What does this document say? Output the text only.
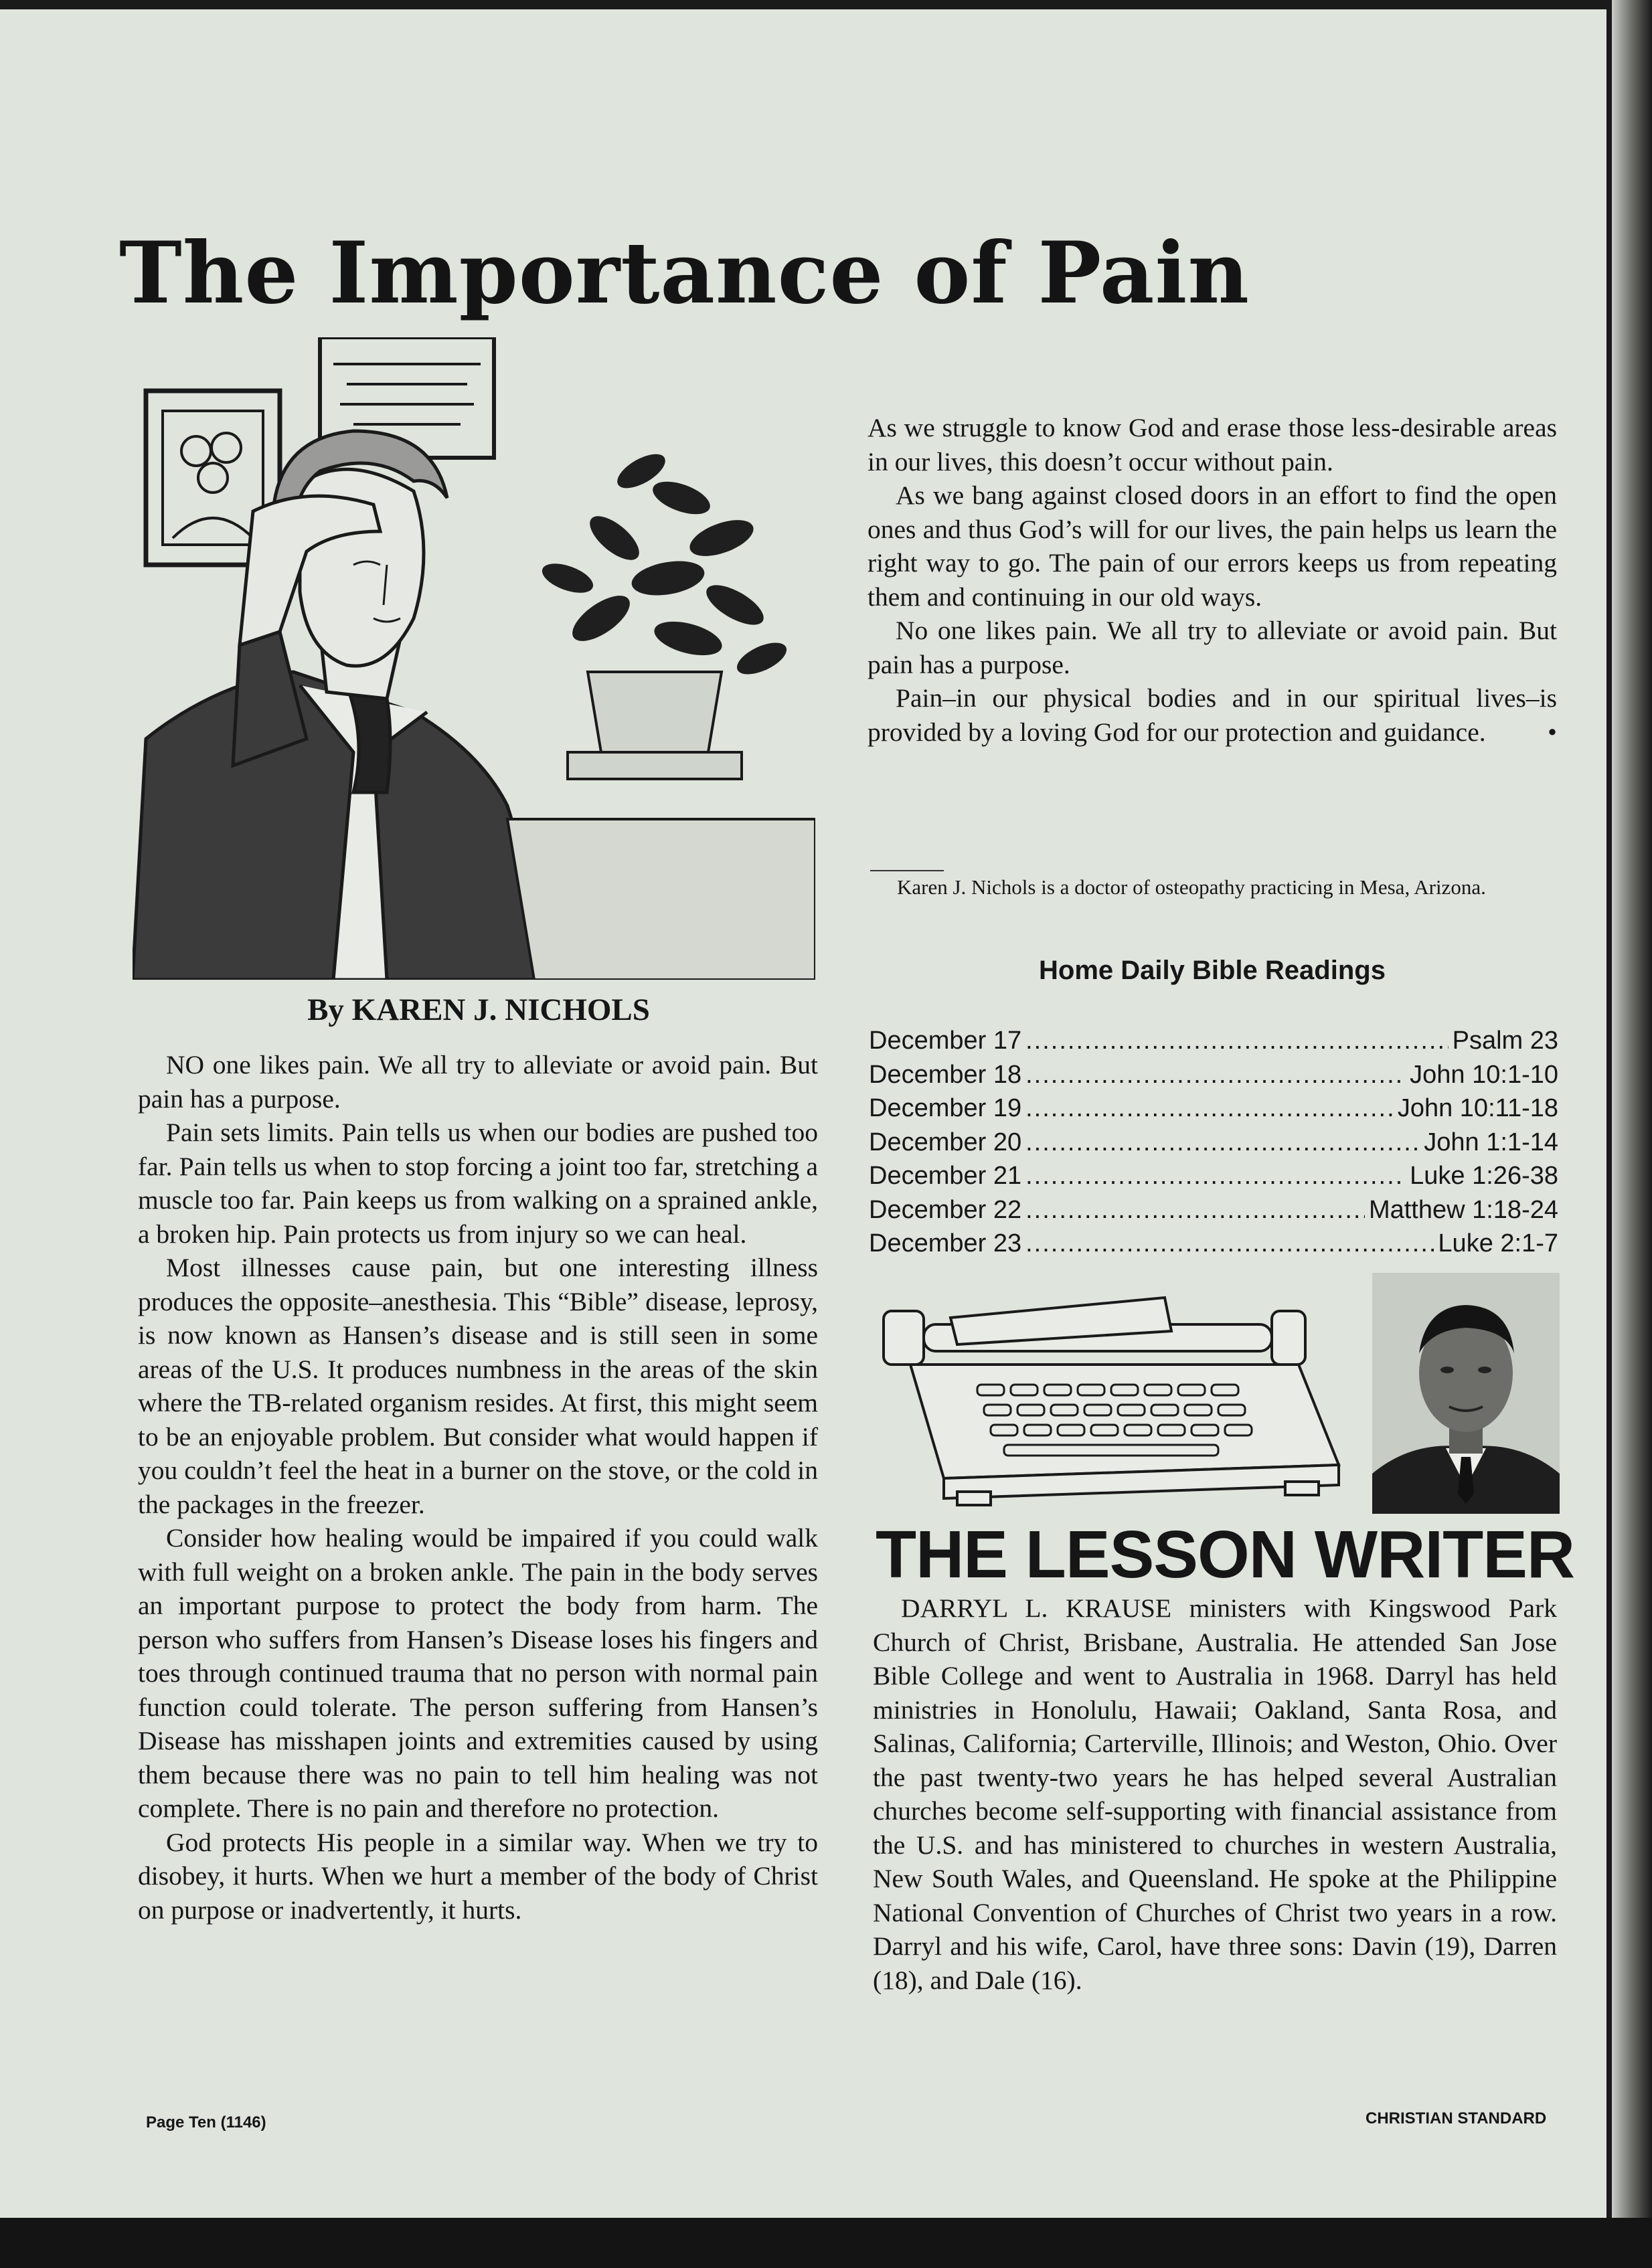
The Importance of Pain
By KAREN J. NICHOLS

NO one likes pain. We all try to alleviate or avoid pain. But pain has a purpose.

Pain sets limits. Pain tells us when our bodies are pushed too far. Pain tells us when to stop forcing a joint too far, stretching a muscle too far. Pain keeps us from walking on a sprained ankle, a broken hip. Pain protects us from injury so we can heal.

Most illnesses cause pain, but one interesting illness produces the opposite–anesthesia. This “Bible” disease, leprosy, is now known as Hansen’s disease and is still seen in some areas of the U.S. It produces numbness in the areas of the skin where the TB-related organism resides. At first, this might seem to be an enjoyable problem. But consider what would happen if you couldn’t feel the heat in a burner on the stove, or the cold in the packages in the freezer.

Consider how healing would be impaired if you could walk with full weight on a broken ankle. The pain in the body serves an important purpose to protect the body from harm. The person who suffers from Hansen’s Disease loses his fingers and toes through continued trauma that no person with normal pain function could tolerate. The person suffering from Hansen’s Disease has misshapen joints and extremities caused by using them because there was no pain to tell him healing was not complete. There is no pain and therefore no protection.

God protects His people in a similar way. When we try to disobey, it hurts. When we hurt a member of the body of Christ on purpose or inadvertently, it hurts.

As we struggle to know God and erase those less-desirable areas in our lives, this doesn’t occur without pain.

As we bang against closed doors in an effort to find the open ones and thus God’s will for our lives, the pain helps us learn the right way to go. The pain of our errors keeps us from repeating them and continuing in our old ways.

No one likes pain. We all try to alleviate or avoid pain. But pain has a purpose.

Pain–in our physical bodies and in our spiritual lives–is provided by a loving God for our protection and guidance.	•

Karen J. Nichols is a doctor of osteopathy practicing in Mesa, Arizona.

Home Daily Bible Readings
December 17 .....	Psalm 23
December 18 .....	John 10:1-10
December 19 .....	John 10:11-18
December 20 .....	John 1:1-14
December 21 .....	Luke 1:26-38
December 22 .....	Matthew 1:18-24
December 23 .....	Luke 2:1-7
THE LESSON WRITER

DARRYL L. KRAUSE ministers with Kingswood Park Church of Christ, Brisbane, Australia. He attended San Jose Bible College and went to Australia in 1968. Darryl has held ministries in Honolulu, Hawaii; Oakland, Santa Rosa, and Salinas, California; Carterville, Illinois; and Weston, Ohio. Over the past twenty-two years he has helped several Australian churches become self-supporting with financial assistance from the U.S. and has ministered to churches in western Australia, New South Wales, and Queensland. He spoke at the Philippine National Convention of Churches of Christ two years in a row. Darryl and his wife, Carol, have three sons: Davin (19), Darren (18), and Dale (16).

Page Ten (1146)	CHRISTIAN STANDARD
